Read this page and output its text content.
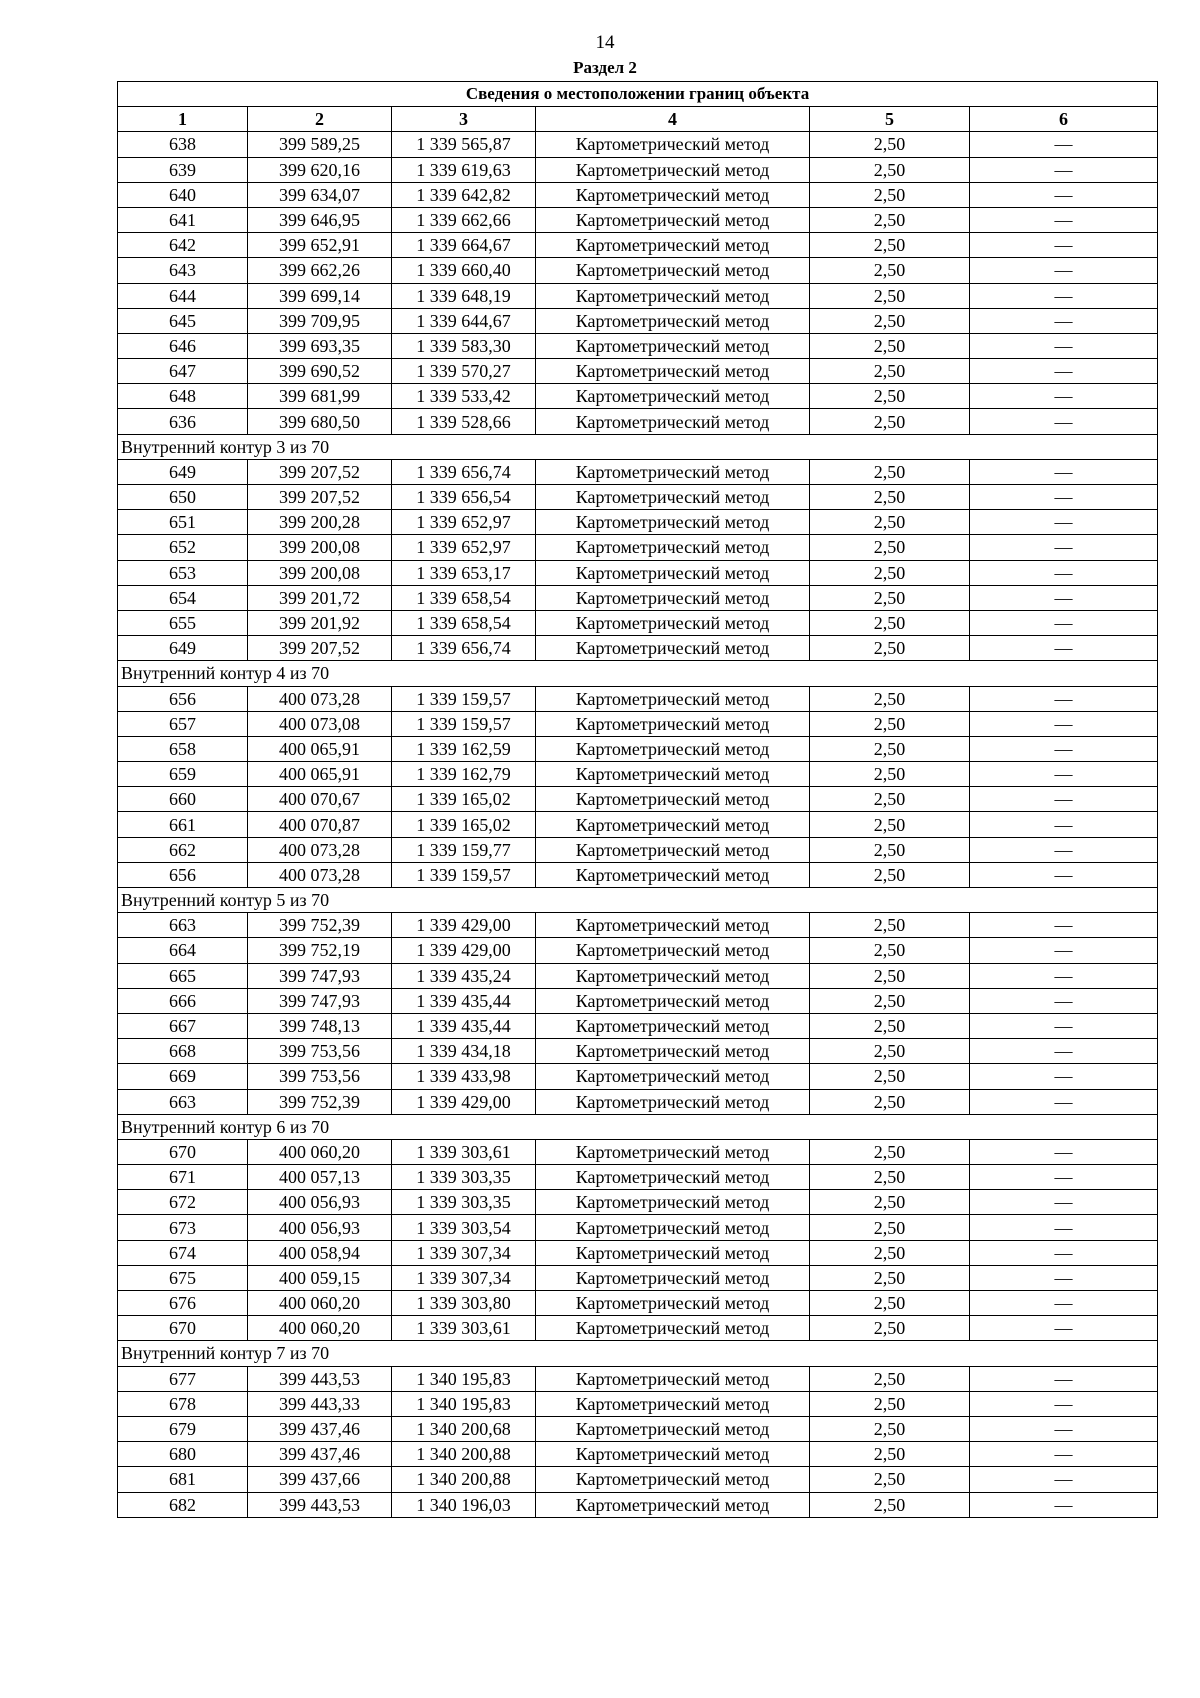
14
Раздел 2
Сведения о местоположении границ объекта					
1	2	3	4	5	6
638	399 589,25	1 339 565,87	Картометрический метод	2,50	—
639	399 620,16	1 339 619,63	Картометрический метод	2,50	—
640	399 634,07	1 339 642,82	Картометрический метод	2,50	—
641	399 646,95	1 339 662,66	Картометрический метод	2,50	—
642	399 652,91	1 339 664,67	Картометрический метод	2,50	—
643	399 662,26	1 339 660,40	Картометрический метод	2,50	—
644	399 699,14	1 339 648,19	Картометрический метод	2,50	—
645	399 709,95	1 339 644,67	Картометрический метод	2,50	—
646	399 693,35	1 339 583,30	Картометрический метод	2,50	—
647	399 690,52	1 339 570,27	Картометрический метод	2,50	—
648	399 681,99	1 339 533,42	Картометрический метод	2,50	—
636	399 680,50	1 339 528,66	Картометрический метод	2,50	—
Внутренний контур 3 из 70					
649	399 207,52	1 339 656,74	Картометрический метод	2,50	—
650	399 207,52	1 339 656,54	Картометрический метод	2,50	—
651	399 200,28	1 339 652,97	Картометрический метод	2,50	—
652	399 200,08	1 339 652,97	Картометрический метод	2,50	—
653	399 200,08	1 339 653,17	Картометрический метод	2,50	—
654	399 201,72	1 339 658,54	Картометрический метод	2,50	—
655	399 201,92	1 339 658,54	Картометрический метод	2,50	—
649	399 207,52	1 339 656,74	Картометрический метод	2,50	—
Внутренний контур 4 из 70					
656	400 073,28	1 339 159,57	Картометрический метод	2,50	—
657	400 073,08	1 339 159,57	Картометрический метод	2,50	—
658	400 065,91	1 339 162,59	Картометрический метод	2,50	—
659	400 065,91	1 339 162,79	Картометрический метод	2,50	—
660	400 070,67	1 339 165,02	Картометрический метод	2,50	—
661	400 070,87	1 339 165,02	Картометрический метод	2,50	—
662	400 073,28	1 339 159,77	Картометрический метод	2,50	—
656	400 073,28	1 339 159,57	Картометрический метод	2,50	—
Внутренний контур 5 из 70					
663	399 752,39	1 339 429,00	Картометрический метод	2,50	—
664	399 752,19	1 339 429,00	Картометрический метод	2,50	—
665	399 747,93	1 339 435,24	Картометрический метод	2,50	—
666	399 747,93	1 339 435,44	Картометрический метод	2,50	—
667	399 748,13	1 339 435,44	Картометрический метод	2,50	—
668	399 753,56	1 339 434,18	Картометрический метод	2,50	—
669	399 753,56	1 339 433,98	Картометрический метод	2,50	—
663	399 752,39	1 339 429,00	Картометрический метод	2,50	—
Внутренний контур 6 из 70					
670	400 060,20	1 339 303,61	Картометрический метод	2,50	—
671	400 057,13	1 339 303,35	Картометрический метод	2,50	—
672	400 056,93	1 339 303,35	Картометрический метод	2,50	—
673	400 056,93	1 339 303,54	Картометрический метод	2,50	—
674	400 058,94	1 339 307,34	Картометрический метод	2,50	—
675	400 059,15	1 339 307,34	Картометрический метод	2,50	—
676	400 060,20	1 339 303,80	Картометрический метод	2,50	—
670	400 060,20	1 339 303,61	Картометрический метод	2,50	—
Внутренний контур 7 из 70					
677	399 443,53	1 340 195,83	Картометрический метод	2,50	—
678	399 443,33	1 340 195,83	Картометрический метод	2,50	—
679	399 437,46	1 340 200,68	Картометрический метод	2,50	—
680	399 437,46	1 340 200,88	Картометрический метод	2,50	—
681	399 437,66	1 340 200,88	Картометрический метод	2,50	—
682	399 443,53	1 340 196,03	Картометрический метод	2,50	—
